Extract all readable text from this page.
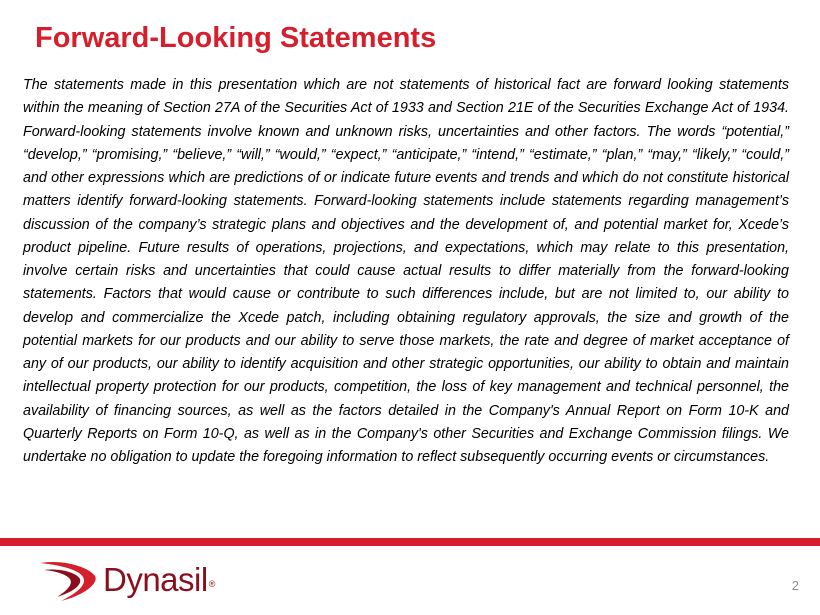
Forward-Looking Statements

The statements made in this presentation which are not statements of historical fact are forward looking statements within the meaning of Section 27A of the Securities Act of 1933 and Section 21E of the Securities Exchange Act of 1934. Forward-looking statements involve known and unknown risks, uncertainties and other factors. The words “potential,” “develop,” “promising,” “believe,” “will,” “would,” “expect,” “anticipate,” “intend,” “estimate,” “plan,” “may,” “likely,” “could,” and other expressions which are predictions of or indicate future events and trends and which do not constitute historical matters identify forward-looking statements. Forward-looking statements include statements regarding management’s discussion of the company’s strategic plans and objectives and the development of, and potential market for, Xcede’s product pipeline. Future results of operations, projections, and expectations, which may relate to this presentation, involve certain risks and uncertainties that could cause actual results to differ materially from the forward-looking statements. Factors that would cause or contribute to such differences include, but are not limited to, our ability to develop and commercialize the Xcede patch, including obtaining regulatory approvals, the size and growth of the potential markets for our products and our ability to serve those markets, the rate and degree of market acceptance of any of our products, our ability to identify acquisition and other strategic opportunities, our ability to obtain and maintain intellectual property protection for our products, competition, the loss of key management and technical personnel, the availability of financing sources, as well as the factors detailed in the Company's Annual Report on Form 10-K and Quarterly Reports on Form 10-Q, as well as in the Company's other Securities and Exchange Commission filings. We undertake no obligation to update the foregoing information to reflect subsequently occurring events or circumstances.

Dynasil®	2
